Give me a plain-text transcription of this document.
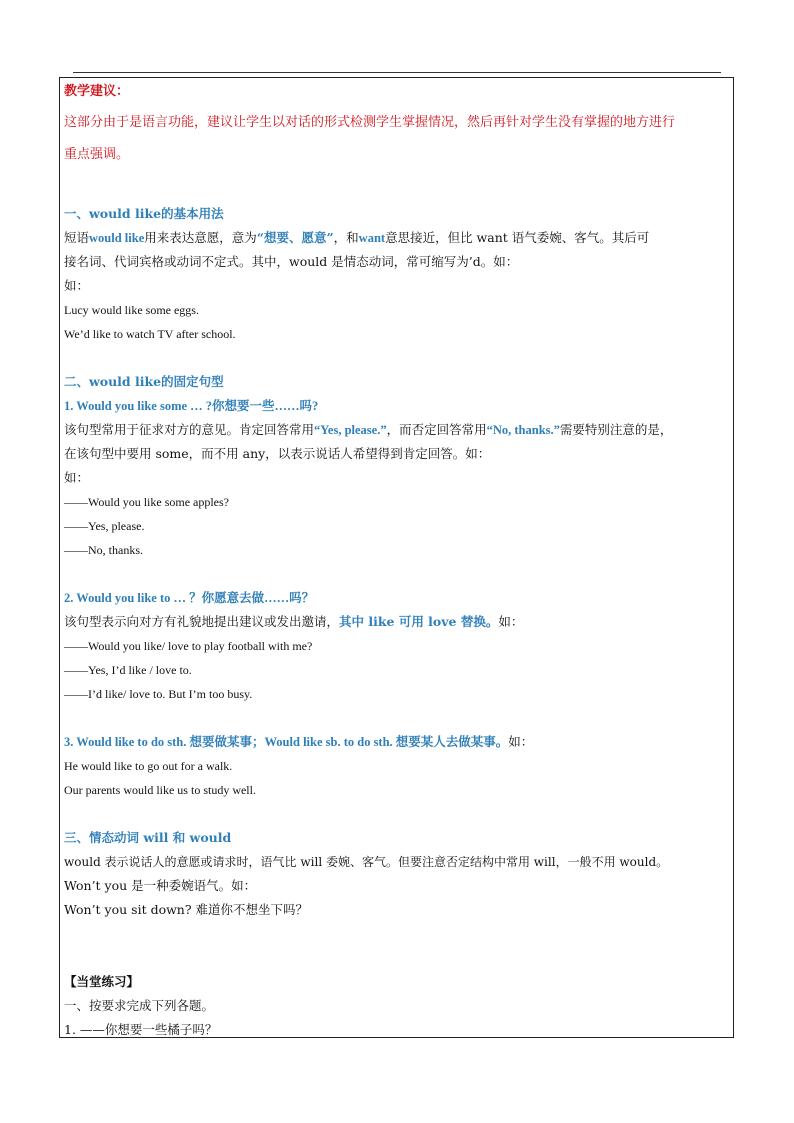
教学建议：
这部分由于是语言功能，建议让学生以对话的形式检测学生掌握情况，然后再针对学生没有掌握的地方进行
重点强调。
一、would like的基本用法
短语would like用来表达意愿，意为“想要、愿意”，和want意思接近，但比 want 语气委婉、客气。其后可
接名词、代词宾格或动词不定式。其中，would 是情态动词，常可缩写为’d。如：
如：
Lucy would like some eggs.
We’d like to watch TV after school.
二、would like的固定句型
1. Would you like some … ?你想要一些……吗?
该句型常用于征求对方的意见。肯定回答常用“Yes, please.”，而否定回答常用“No, thanks.”需要特别注意的是，
在该句型中要用 some，而不用 any，以表示说话人希望得到肯定回答。如：
如：
——Would you like some apples?
——Yes, please.
——No, thanks.
2. Would you like to … ？你愿意去做……吗？
该句型表示向对方有礼貌地提出建议或发出邀请，其中 like 可用 love 替换。如：
——Would you like/ love to play football with me?
——Yes, I’d like / love to.
——I’d like/ love to. But I’m too busy.
3. Would like to do sth. 想要做某事；Would like sb. to do sth. 想要某人去做某事。如：
He would like to go out for a walk.
Our parents would like us to study well.
三、情态动词 will 和 would
would 表示说话人的意愿或请求时，语气比 will 委婉、客气。但要注意否定结构中常用 will，一般不用 would。
Won’t you 是一种委婉语气。如：
Won’t you sit down? 难道你不想坐下吗？
【当堂练习】
一、按要求完成下列各题。
1. ——你想要一些橘子吗？
